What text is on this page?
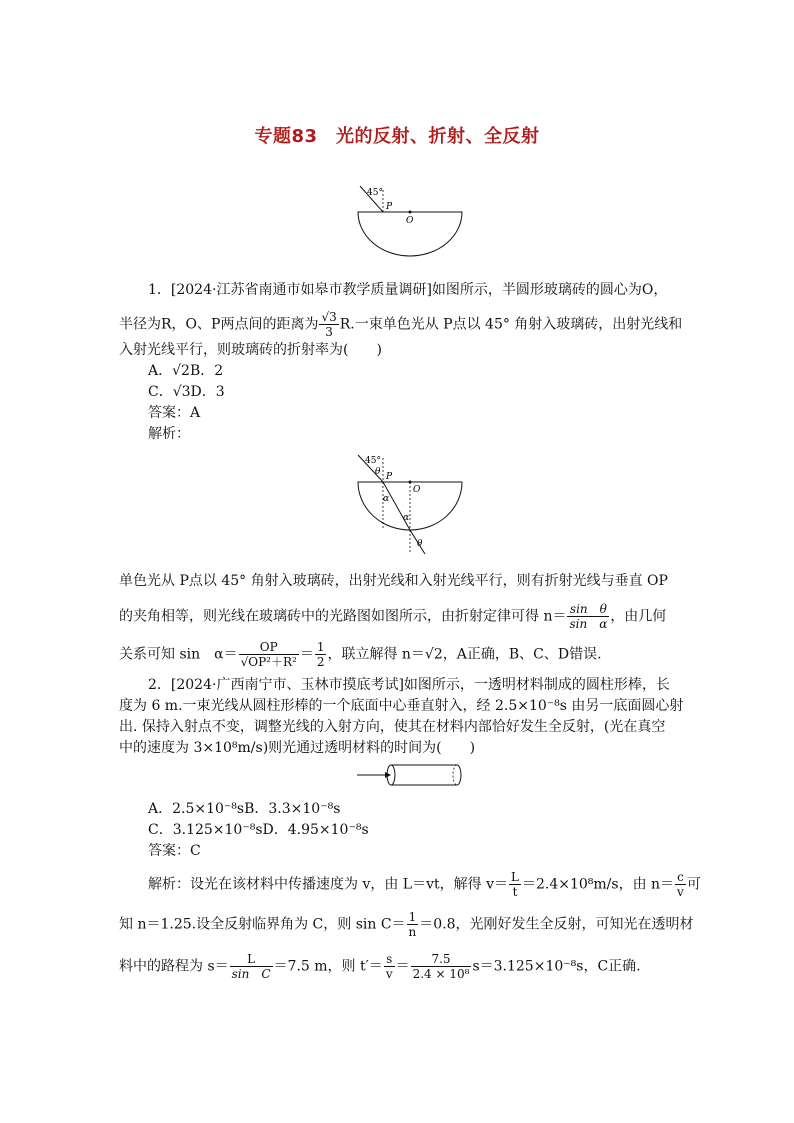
专题83　光的反射、折射、全反射
45°
P
O
1．[2024·江苏省南通市如皋市教学质量调研]如图所示，半圆形玻璃砖的圆心为O，
半径为R，O、P两点间的距离为 $\frac{√3}{3} R$.一束单色光从 P点以 45° 角射入玻璃砖，出射光线和
入射光线平行，则玻璃砖的折射率为(　　)
A．√2B．2
C．√3D．3
答案：A
解析：
45°
θ P
O
α
α
θ
单色光从 P点以 45° 角射入玻璃砖，出射光线和入射光线平行，则有折射光线与垂直 OP
的夹角相等，则光线在玻璃砖中的光路图如图所示，由折射定律可得 $n= \frac{\text{sin　θ}}{\text{sin　α}}$ ，由几何
关系可知 sin　$\alpha= \frac{OP}{\text{√OP²＋R²}} = \frac{1}{2}$ ，联立解得 n＝√2，A正确，B、C、D错误.
2．[2024·广西南宁市、玉林市摸底考试]如图所示，一透明材料制成的圆柱形棒，长
度为 6 m.一束光线从圆柱形棒的一个底面中心垂直射入，经 2.5×10⁻⁸s 由另一底面圆心射
出. 保持入射点不变，调整光线的入射方向，使其在材料内部恰好发生全反射，(光在真空
中的速度为 3×10⁸m/s)则光通过透明材料的时间为(　　)
A．2.5×10⁻⁸sB．3.3×10⁻⁸s
C．3.125×10⁻⁸sD．4.95×10⁻⁸s
答案：C
解析：设光在该材料中传播速度为 v，由 L＝vt，解得 $v= \frac{L}{t} =2.4\times 10^8m/s$，由 $n= \frac{c}{v}$ 可
知 n＝1.25.设全反射临界角为 C，则 $\sin C= \frac{1}{n} =0.8$，光刚好发生全反射，可知光在透明材
料中的路程为 $s= \frac{L}{\text{sin　C}} =7.5$ m，则 $t'= \frac{s}{v} = \frac{7.5}{\text{2.4 × 10⁸}} s=3.125\times 10^{-8}s$，C正确.
